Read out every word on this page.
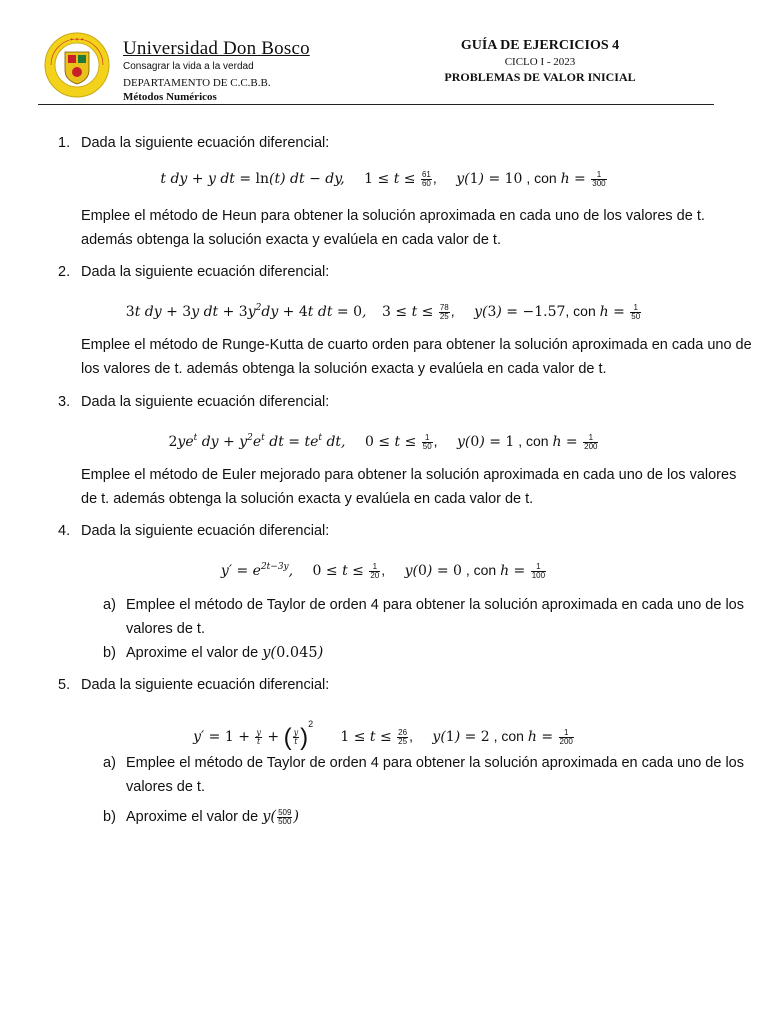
✦ ✦ ✦ Universidad Don Bosco
Consagrar la vida a la verdad
DEPARTAMENTO DE C.C.B.B.
Métodos Numéricos
GUÍA DE EJERCICIOS 4
CICLO I - 2023
PROBLEMAS DE VALOR INICIAL
1. Dada la siguiente ecuación diferencial:
t dy + y dt = ln(t) dt − dy, $1 \le t \le \frac{61}{60}$ ,     y(1) = 10 , con $h = \frac{1}{300}$
Emplee el método de Heun para obtener la solución aproximada en cada uno de los valores de t.
además obtenga la solución exacta y evalúela en cada valor de t.
2. Dada la siguiente ecuación diferencial:
3t dy + 3y dt + $3y^2dy + 4t$ dt = 0, $3 \le t \le \frac{78}{25}$ ,     y(3) = −1.57, con $h = \frac{1}{50}$
Emplee el método de Runge-Kutta de cuarto orden para obtener la solución aproximada en cada uno de
los valores de t. además obtenga la solución exacta y evalúela en cada valor de t.
3. Dada la siguiente ecuación diferencial:
$2ye^t$ dy + $y^2e^t$ dt = $te^t$ dt, $0 \le t \le \frac{1}{50}$ ,     y(0) = 1 , con $h = \frac{1}{200}$
Emplee el método de Euler mejorado para obtener la solución aproximada en cada uno de los valores
de t. además obtenga la solución exacta y evalúela en cada valor de t.
4. Dada la siguiente ecuación diferencial:
$y' = e^{2t-3y}$, $0 \le t \le \frac{1}{20}$ ,     y(0) = 0 , con $h = \frac{1}{100}$
a) Emplee el método de Taylor de orden 4 para obtener la solución aproximada en cada uno de los
valores de t.
b) Aproxime el valor de y(0.045)
5. Dada la siguiente ecuación diferencial:
$y' = 1 + \frac{y}{t}$ + ( $\frac{y}{t} )^2$       $1 \le t \le \frac{26}{25}$ ,     y(1) = 2 , con $h = \frac{1}{200}$
a) Emplee el método de Taylor de orden 4 para obtener la solución aproximada en cada uno de los
valores de t.
b) Aproxime el valor de $y( \frac{509}{500}$ )
